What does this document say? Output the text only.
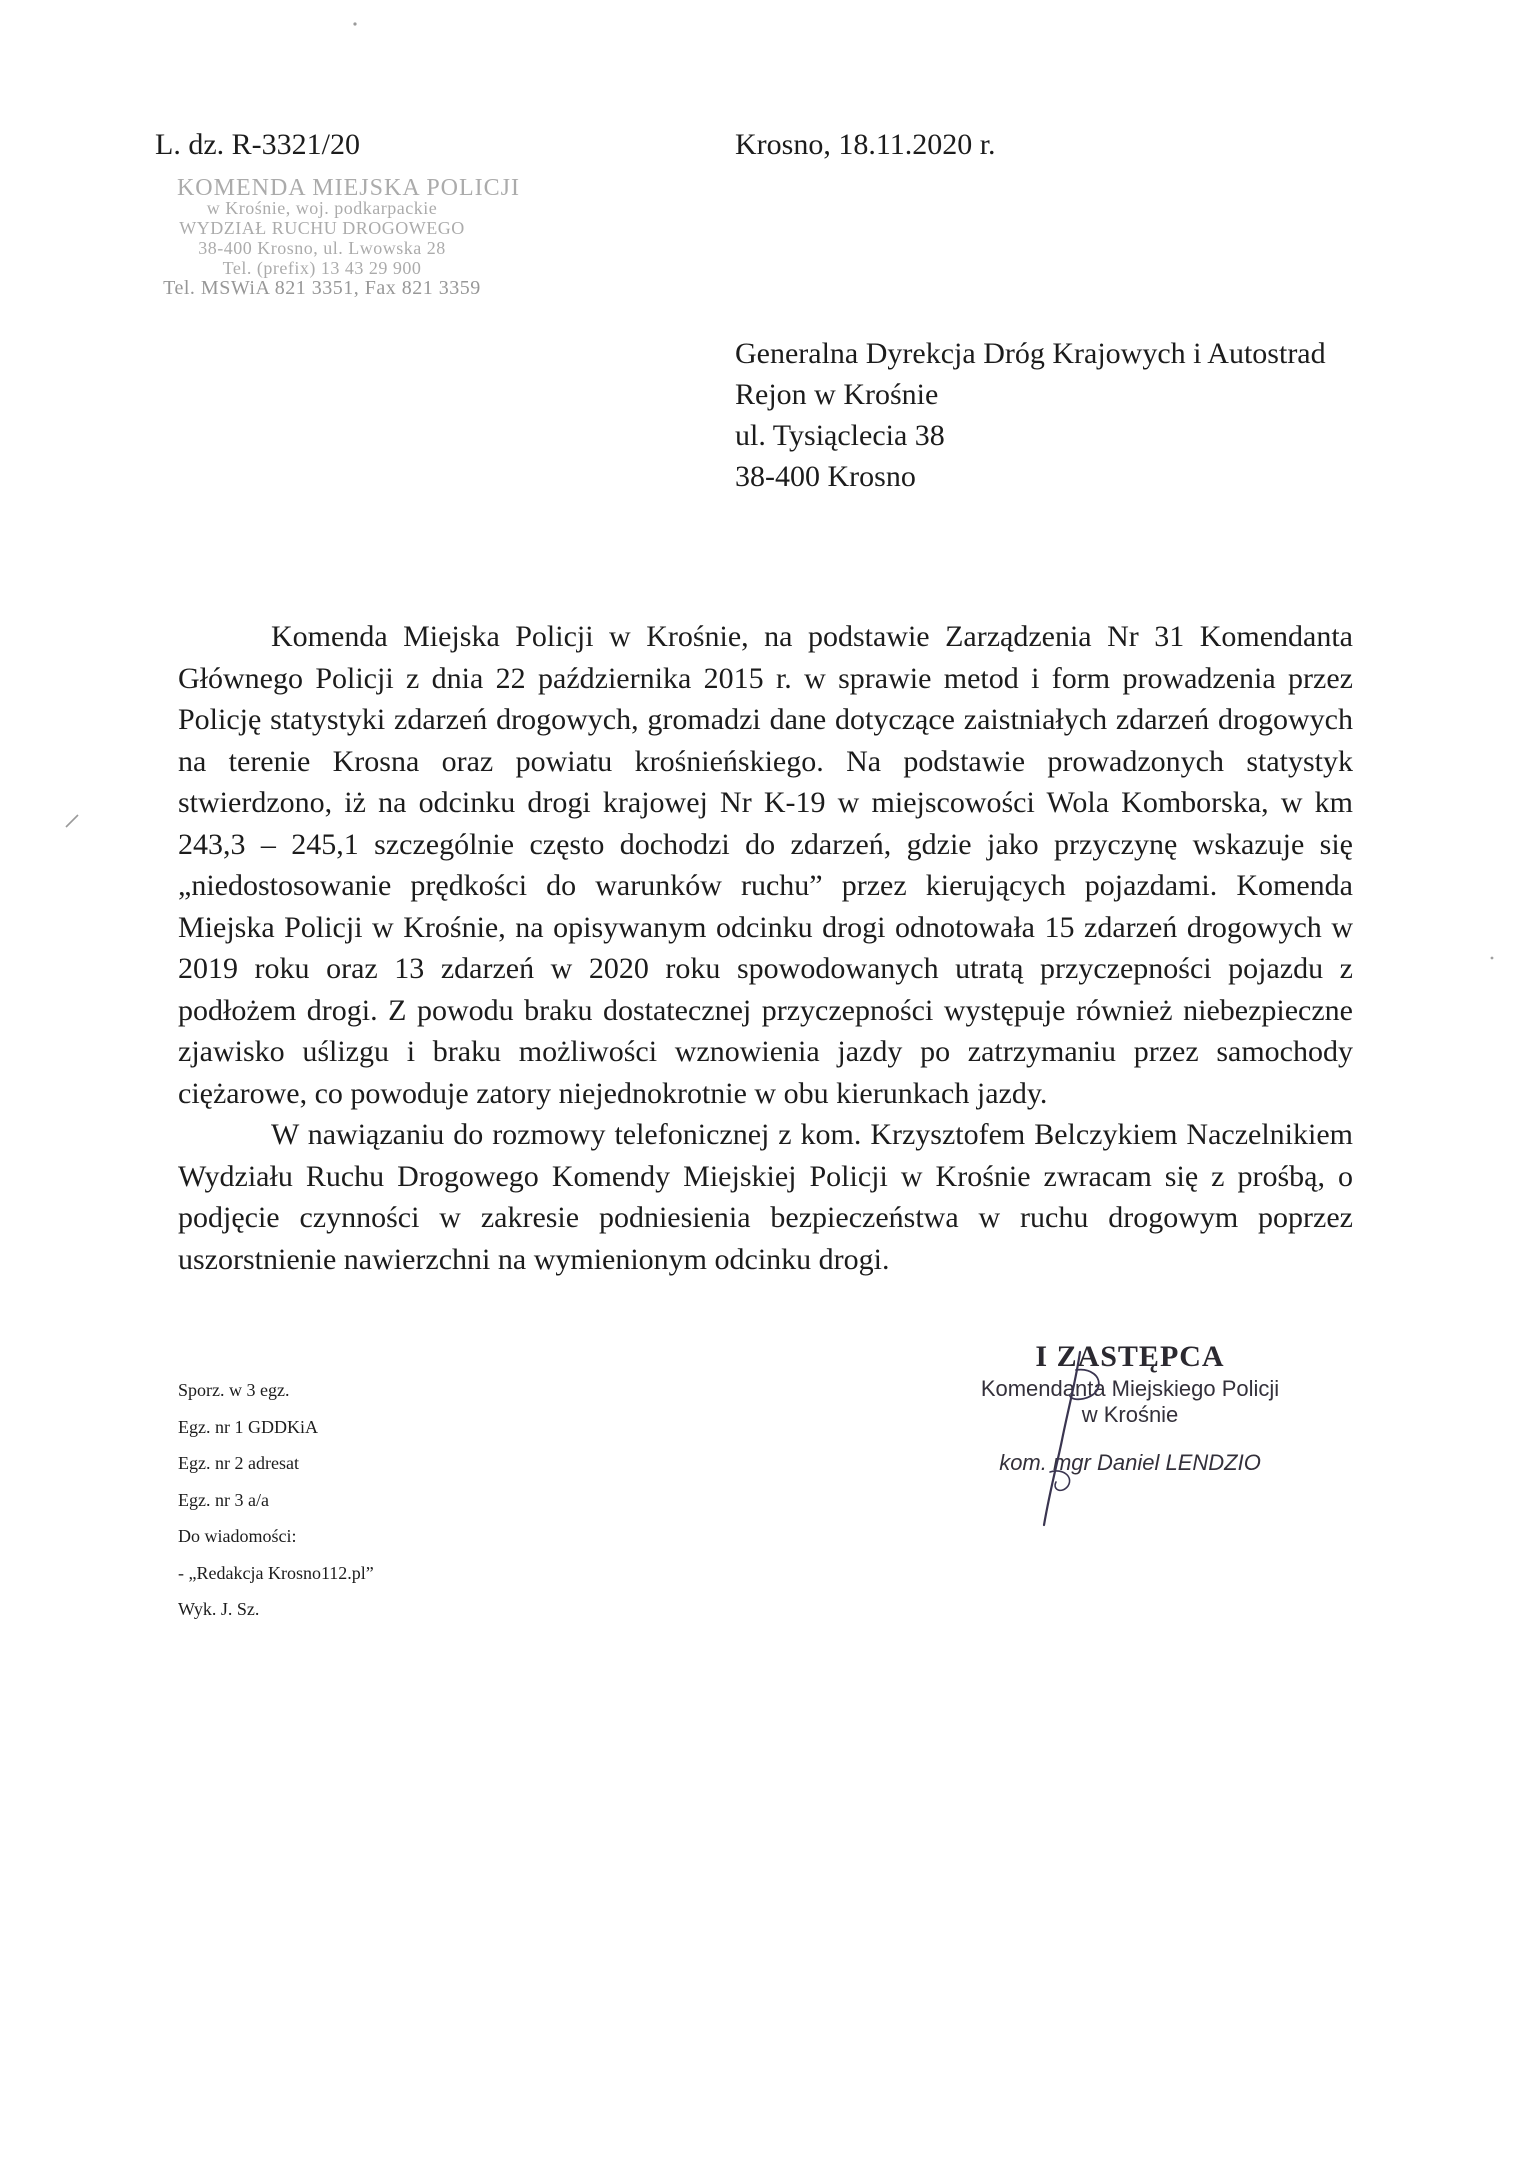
L. dz. R-3321/20	Krosno, 18.11.2020 r.
KOMENDA MIEJSKA POLICJI
w Krośnie, woj. podkarpackie
WYDZIAŁ RUCHU DROGOWEGO
38-400 Krosno, ul. Lwowska 28
Tel. (prefix) 13 43 29 900
Tel. MSWiA 821 3351, Fax 821 3359
Generalna Dyrekcja Dróg Krajowych i Autostrad
Rejon w Krośnie
ul. Tysiąclecia 38
38-400 Krosno

Komenda Miejska Policji w Krośnie, na podstawie Zarządzenia Nr 31 Komendanta Głównego Policji z dnia 22 października 2015 r. w sprawie metod i form prowadzenia przez Policję statystyki zdarzeń drogowych, gromadzi dane dotyczące zaistniałych zdarzeń drogowych na terenie Krosna oraz powiatu krośnieńskiego. Na podstawie prowadzonych statystyk stwierdzono, iż na odcinku drogi krajowej Nr K-19 w miejscowości Wola Komborska, w km 243,3 – 245,1 szczególnie często dochodzi do zdarzeń, gdzie jako przyczynę wskazuje się „niedostosowanie prędkości do warunków ruchu” przez kierujących pojazdami. Komenda Miejska Policji w Krośnie, na opisywanym odcinku drogi odnotowała 15 zdarzeń drogowych w 2019 roku oraz 13 zdarzeń w 2020 roku spowodowanych utratą przyczepności pojazdu z podłożem drogi. Z powodu braku dostatecznej przyczepności występuje również niebezpieczne zjawisko uślizgu i braku możliwości wznowienia jazdy po zatrzymaniu przez samochody ciężarowe, co powoduje zatory niejednokrotnie w obu kierunkach jazdy.

W nawiązaniu do rozmowy telefonicznej z kom. Krzysztofem Belczykiem Naczelnikiem Wydziału Ruchu Drogowego Komendy Miejskiej Policji w Krośnie zwracam się z prośbą, o podjęcie czynności w zakresie podniesienia bezpieczeństwa w ruchu drogowym poprzez uszorstnienie nawierzchni na wymienionym odcinku drogi.

Sporz. w 3 egz.
Egz. nr 1 GDDKiA
Egz. nr 2 adresat
Egz. nr 3 a/a
Do wiadomości:
- „Redakcja Krosno112.pl”
Wyk. J. Sz.
I ZASTĘPCA
Komendanta Miejskiego Policji
w Krośnie
kom. mgr Daniel LENDZIO
